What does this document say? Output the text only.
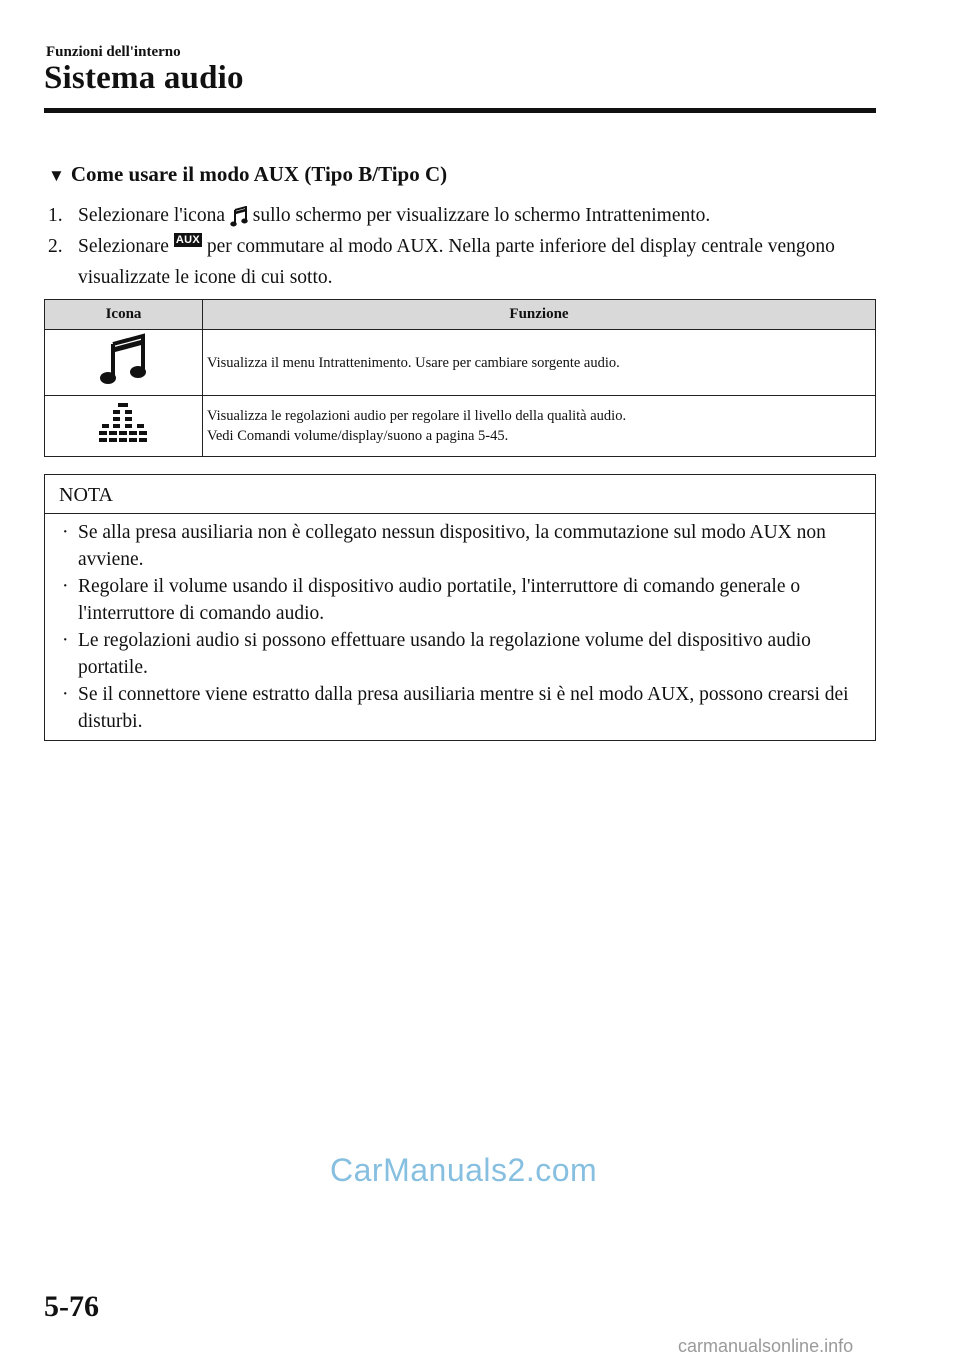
Funzioni dell'interno
Sistema audio
▼ Come usare il modo AUX (Tipo B/Tipo C)
1. Selezionare l'icona sullo schermo per visualizzare lo schermo Intrattenimento.
2. Selezionare AUX per commutare al modo AUX. Nella parte inferiore del display centrale vengono visualizzate le icone di cui sotto.
Icona	Funzione

Visualizza il menu Intrattenimento. Usare per cambiare sorgente audio.

Visualizza le regolazioni audio per regolare il livello della qualità audio.
Vedi Comandi volume/display/suono a pagina 5-45.
NOTA
· Se alla presa ausiliaria non è collegato nessun dispositivo, la commutazione sul modo AUX non avviene.
· Regolare il volume usando il dispositivo audio portatile, l'interruttore di comando generale o l'interruttore di comando audio.
· Le regolazioni audio si possono effettuare usando la regolazione volume del dispositivo audio portatile.
· Se il connettore viene estratto dalla presa ausiliaria mentre si è nel modo AUX, possono crearsi dei disturbi.
CarManuals2.com
5-76
carmanualsonline.info
